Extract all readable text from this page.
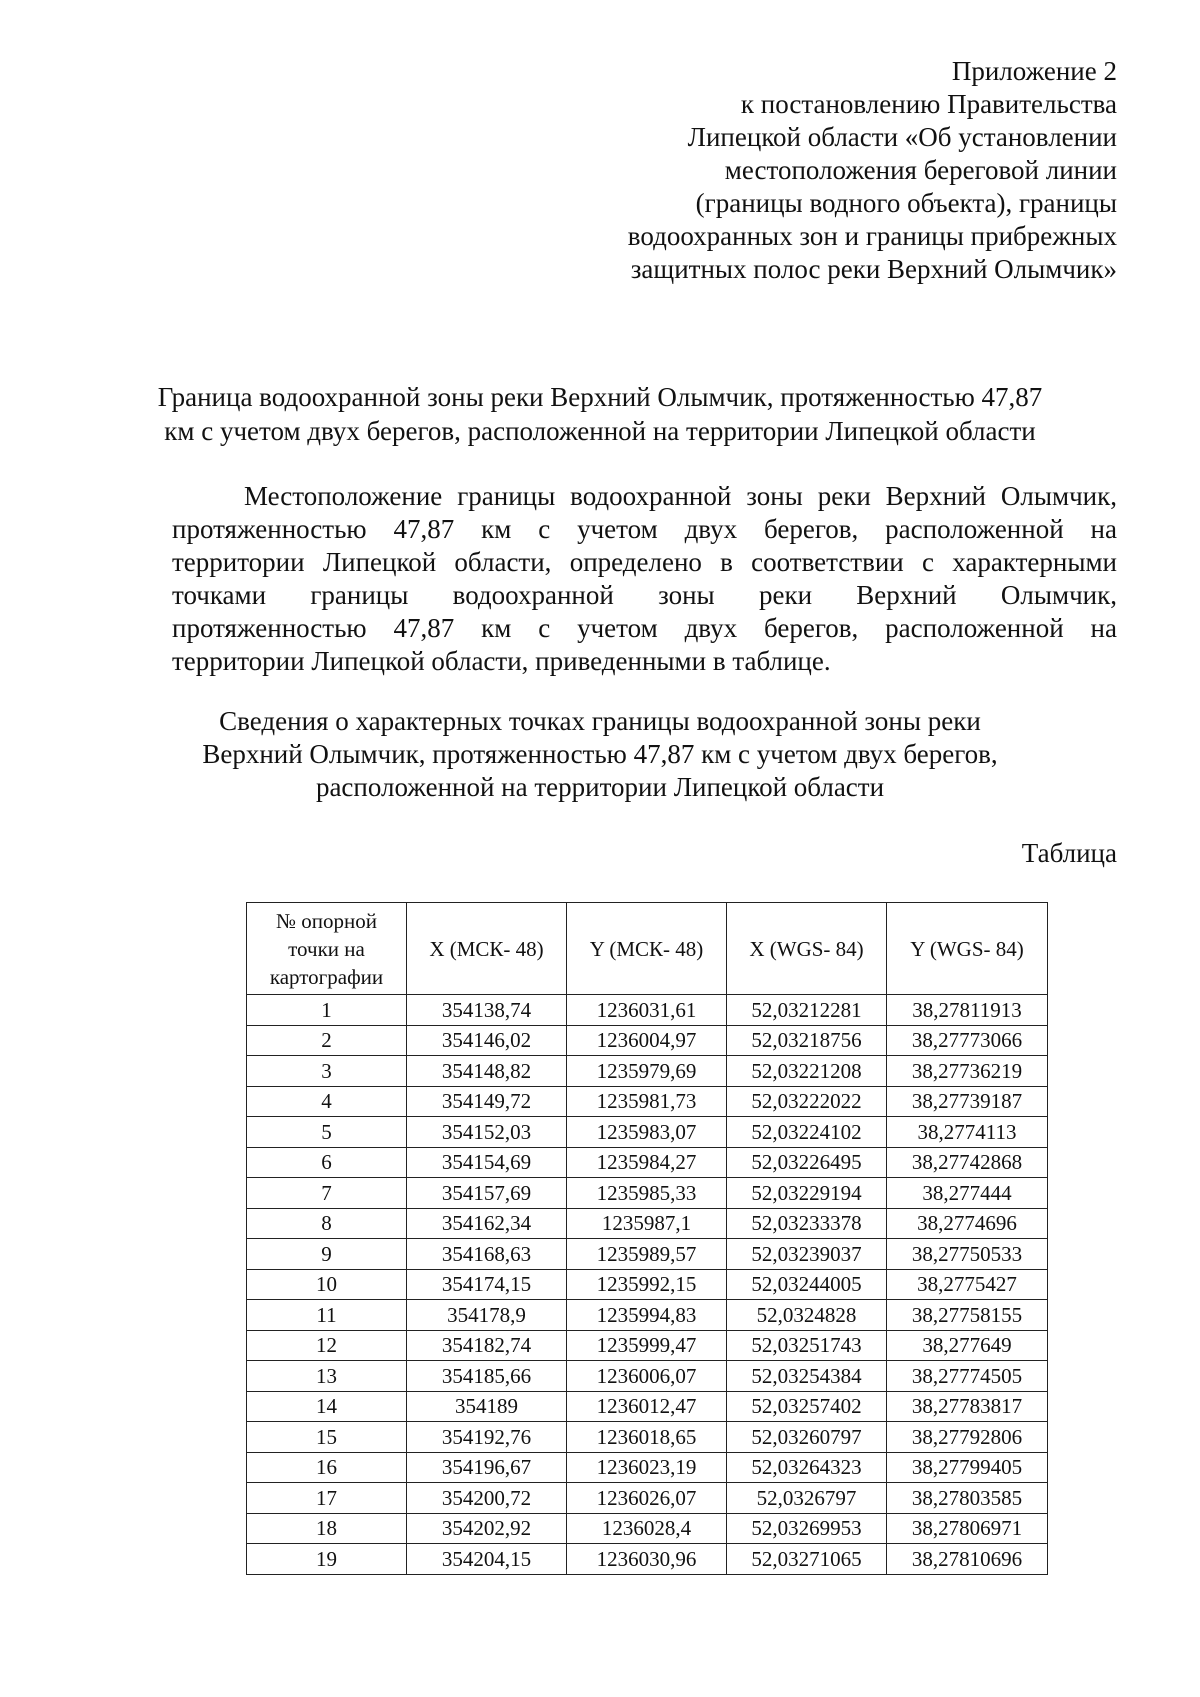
Приложение 2
к постановлению Правительства
Липецкой области «Об установлении
местоположения береговой линии
(границы водного объекта), границы
водоохранных зон и границы прибрежных
защитных полос реки Верхний Олымчик»
Граница водоохранной зоны реки Верхний Олымчик, протяженностью 47,87
км с учетом двух берегов, расположенной на территории Липецкой области
Местоположение границы водоохранной зоны реки Верхний Олымчик,
протяженностью 47,87 км с учетом двух берегов, расположенной на
территории Липецкой области, определено в соответствии с характерными
точками границы водоохранной зоны реки Верхний Олымчик,
протяженностью 47,87 км с учетом двух берегов, расположенной на
территории Липецкой области, приведенными в таблице.
Сведения о характерных точках границы водоохранной зоны реки
Верхний Олымчик, протяженностью 47,87 км с учетом двух берегов,
расположенной на территории Липецкой области
Таблица
№ опорной
точки на
картографии	X (МСК- 48)	Y (МСК- 48)	X (WGS- 84)	Y (WGS- 84)
1	354138,74	1236031,61	52,03212281	38,27811913
2	354146,02	1236004,97	52,03218756	38,27773066
3	354148,82	1235979,69	52,03221208	38,27736219
4	354149,72	1235981,73	52,03222022	38,27739187
5	354152,03	1235983,07	52,03224102	38,2774113
6	354154,69	1235984,27	52,03226495	38,27742868
7	354157,69	1235985,33	52,03229194	38,277444
8	354162,34	1235987,1	52,03233378	38,2774696
9	354168,63	1235989,57	52,03239037	38,27750533
10	354174,15	1235992,15	52,03244005	38,2775427
11	354178,9	1235994,83	52,0324828	38,27758155
12	354182,74	1235999,47	52,03251743	38,277649
13	354185,66	1236006,07	52,03254384	38,27774505
14	354189	1236012,47	52,03257402	38,27783817
15	354192,76	1236018,65	52,03260797	38,27792806
16	354196,67	1236023,19	52,03264323	38,27799405
17	354200,72	1236026,07	52,0326797	38,27803585
18	354202,92	1236028,4	52,03269953	38,27806971
19	354204,15	1236030,96	52,03271065	38,27810696
